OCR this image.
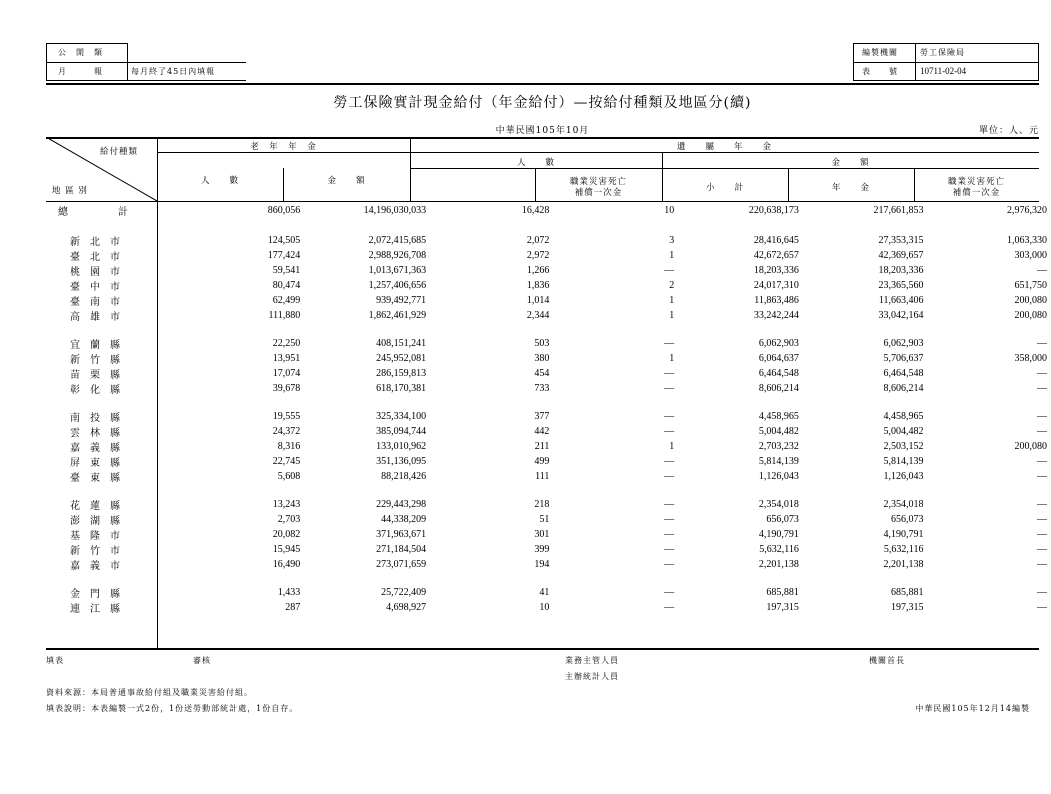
公　開　類
月　　　報	每月終了45日內填報
編製機關	勞工保險局
表　　號 10711-02-04
勞工保險實計現金給付（年金給付）—按給付種類及地區分(續)
中華民國105年10月	單位：人、元
給付種類
地 區 別
老　年　年　金
人　　數	金　　額
遺　　屬　　年　　金
人　　數
職業災害死亡
補償一次金
金　　額
小　　計	年　　金
職業災害死亡
補償一次金
總　　　　　計	860,056	14,196,030,033	16,428	10	220,638,173	217,661,853	2,976,320

新　北　市	124,505	2,072,415,685	2,072	3	28,416,645	27,353,315	1,063,330
臺　北　市	177,424	2,988,926,708	2,972	1	42,672,657	42,369,657	303,000
桃　園　市	59,541	1,013,671,363	1,266	—	18,203,336	18,203,336	—
臺　中　市	80,474	1,257,406,656	1,836	2	24,017,310	23,365,560	651,750
臺　南　市	62,499	939,492,771	1,014	1	11,863,486	11,663,406	200,080
高　雄　市	111,880	1,862,461,929	2,344	1	33,242,244	33,042,164	200,080

宜　蘭　縣	22,250	408,151,241	503	—	6,062,903	6,062,903	—
新　竹　縣	13,951	245,952,081	380	1	6,064,637	5,706,637	358,000
苗　栗　縣	17,074	286,159,813	454	—	6,464,548	6,464,548	—
彰　化　縣	39,678	618,170,381	733	—	8,606,214	8,606,214	—

南　投　縣	19,555	325,334,100	377	—	4,458,965	4,458,965	—
雲　林　縣	24,372	385,094,744	442	—	5,004,482	5,004,482	—
嘉　義　縣	8,316	133,010,962	211	1	2,703,232	2,503,152	200,080
屏　東　縣	22,745	351,136,095	499	—	5,814,139	5,814,139	—
臺　東　縣	5,608	88,218,426	111	—	1,126,043	1,126,043	—

花　蓮　縣	13,243	229,443,298	218	—	2,354,018	2,354,018	—
澎　湖　縣	2,703	44,338,209	51	—	656,073	656,073	—
基　隆　市	20,082	371,963,671	301	—	4,190,791	4,190,791	—
新　竹　市	15,945	271,184,504	399	—	5,632,116	5,632,116	—
嘉　義　市	16,490	273,071,659	194	—	2,201,138	2,201,138	—

金　門　縣	1,433	25,722,409	41	—	685,881	685,881	—
連　江　縣	287	4,698,927	10	—	197,315	197,315	—
填表	審核	業務主管人員
主辦統計人員
機關首長
資料來源：本局普通事故給付組及職業災害給付組。
填表說明：本表編製一式2份，1份送勞動部統計處，1份自存。	中華民國105年12月14編製
